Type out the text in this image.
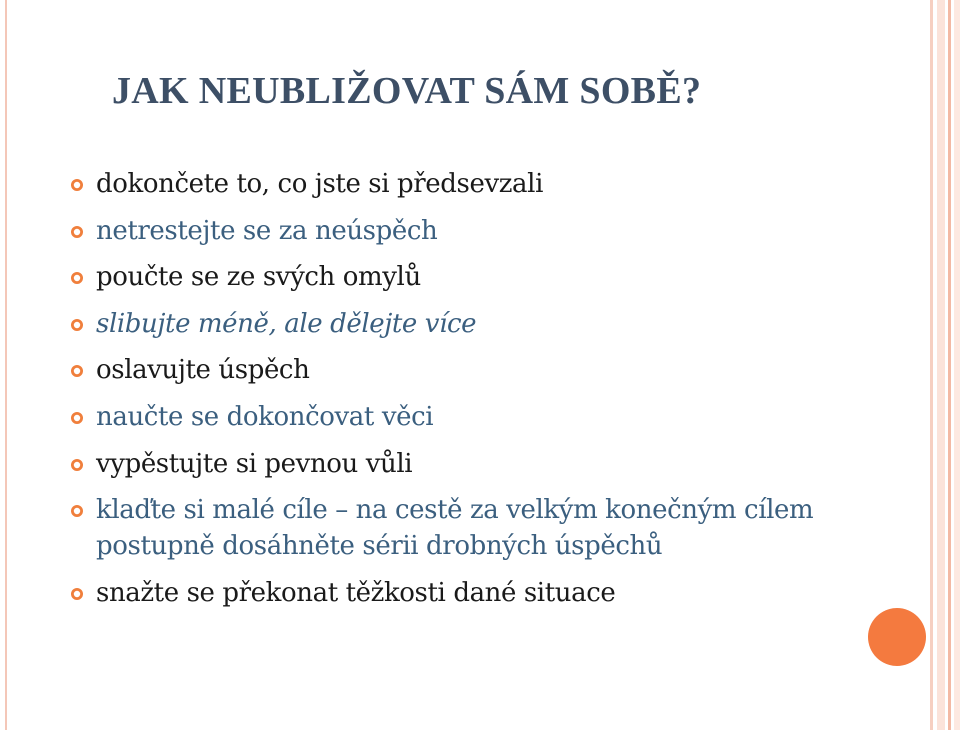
JAK NEUBLIŽOVAT SÁM SOBĚ?
dokončete to, co jste si předsevzali
netrestejte se za neúspěch
poučte se ze svých omylů
slibujte méně, ale dělejte více
oslavujte úspěch
naučte se dokončovat věci
vypěstujte si pevnou vůli
klaďte si malé cíle – na cestě za velkým konečným cílem postupně dosáhněte sérii drobných úspěchů
snažte se překonat těžkosti dané situace
